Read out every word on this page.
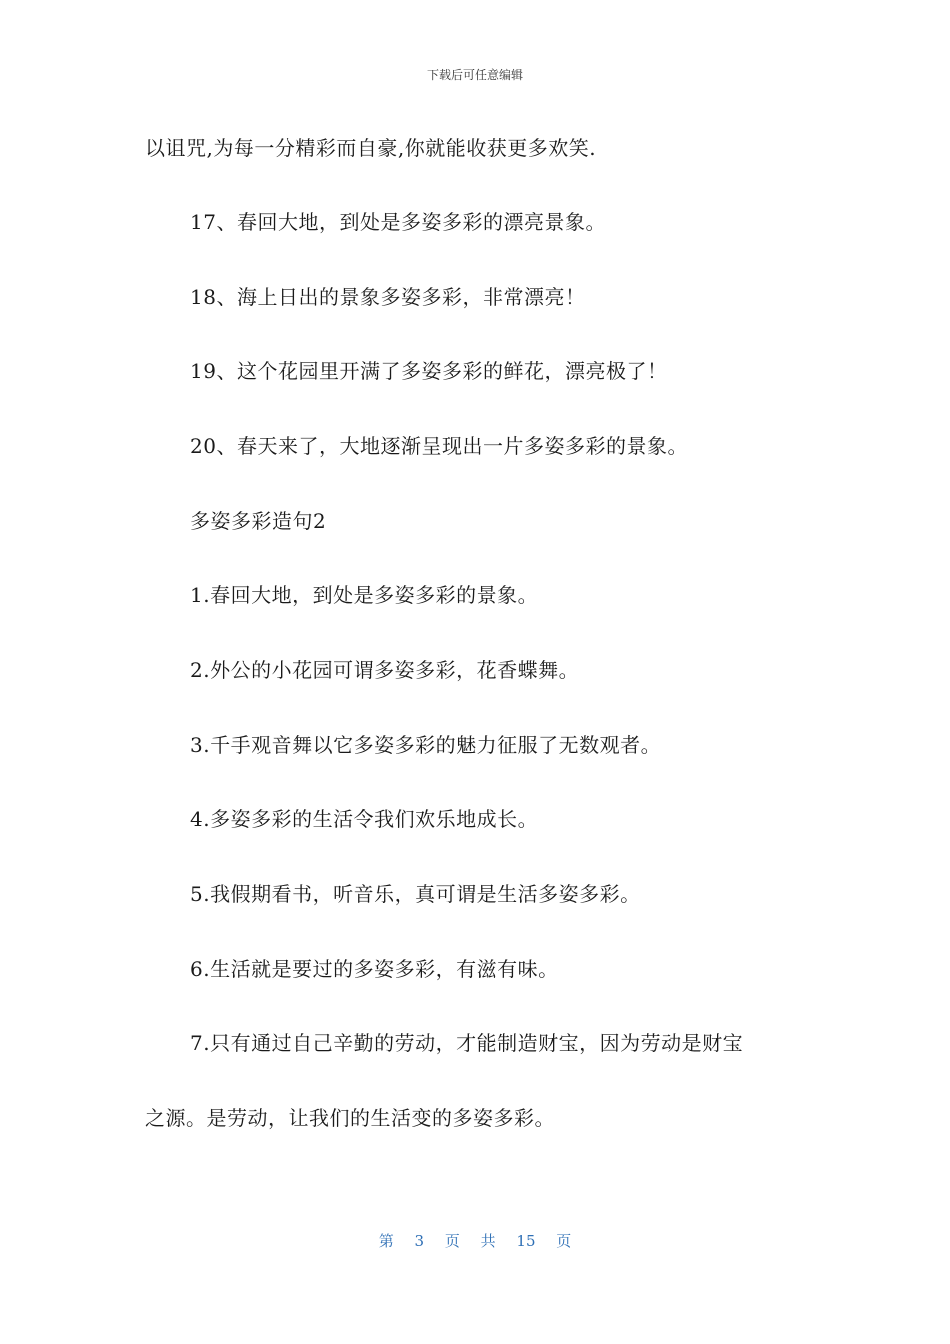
下载后可任意编辑
以诅咒,为每一分精彩而自豪,你就能收获更多欢笑.
17、春回大地，到处是多姿多彩的漂亮景象。
18、海上日出的景象多姿多彩，非常漂亮！
19、这个花园里开满了多姿多彩的鲜花，漂亮极了！
20、春天来了，大地逐渐呈现出一片多姿多彩的景象。
多姿多彩造句2
1.春回大地，到处是多姿多彩的景象。
2.外公的小花园可谓多姿多彩，花香蝶舞。
3.千手观音舞以它多姿多彩的魅力征服了无数观者。
4.多姿多彩的生活令我们欢乐地成长。
5.我假期看书，听音乐，真可谓是生活多姿多彩。
6.生活就是要过的多姿多彩，有滋有味。
7.只有通过自己辛勤的劳动，才能制造财宝，因为劳动是财宝
之源。是劳动，让我们的生活变的多姿多彩。
第 3 页 共 15 页
